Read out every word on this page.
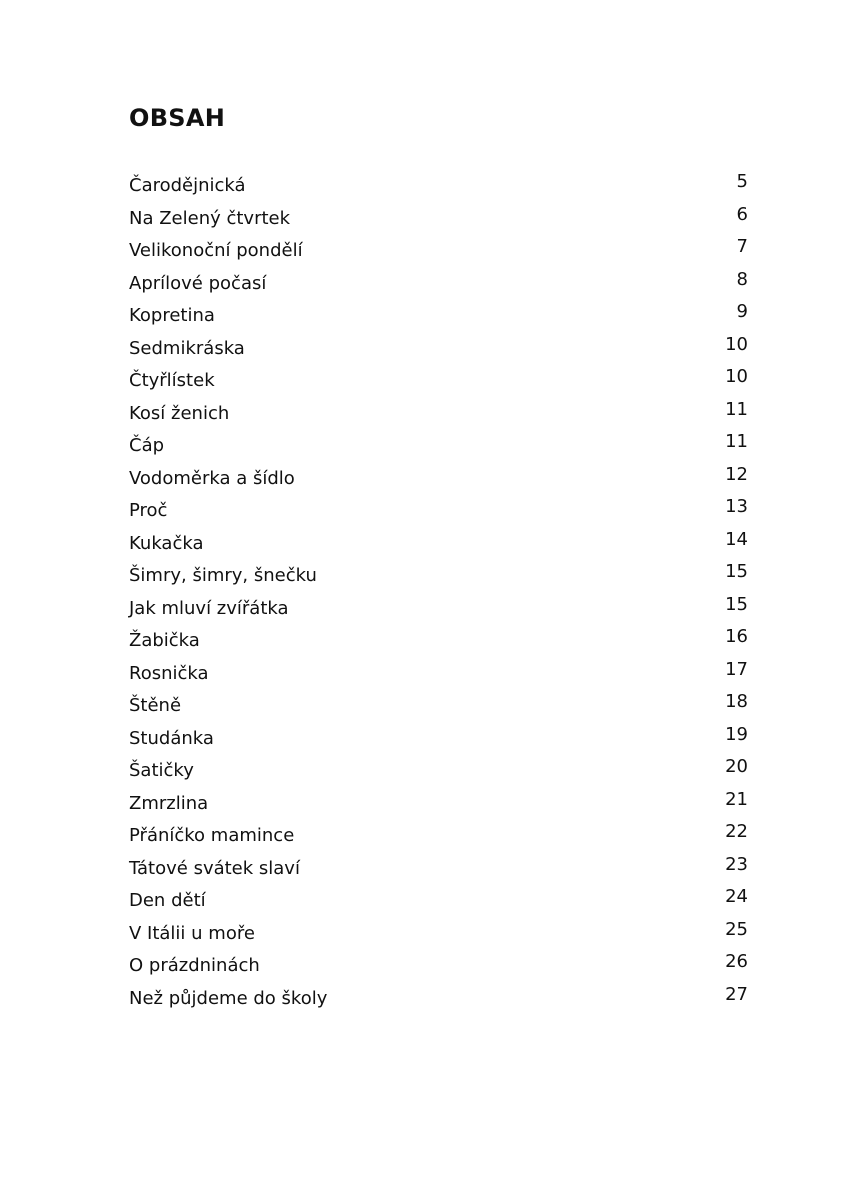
OBSAH
Čarodějnická	5
Na Zelený čtvrtek	6
Velikonoční pondělí	7
Aprílové počasí	8
Kopretina	9
Sedmikráska	10
Čtyřlístek	10
Kosí ženich	11
Čáp	11
Vodoměrka a šídlo	12
Proč	13
Kukačka	14
Šimry, šimry, šnečku	15
Jak mluví zvířátka	15
Žabička	16
Rosnička	17
Štěně	18
Studánka	19
Šatičky	20
Zmrzlina	21
Přáníčko mamince	22
Tátové svátek slaví	23
Den dětí	24
V Itálii u moře	25
O prázdninách	26
Než půjdeme do školy	27
